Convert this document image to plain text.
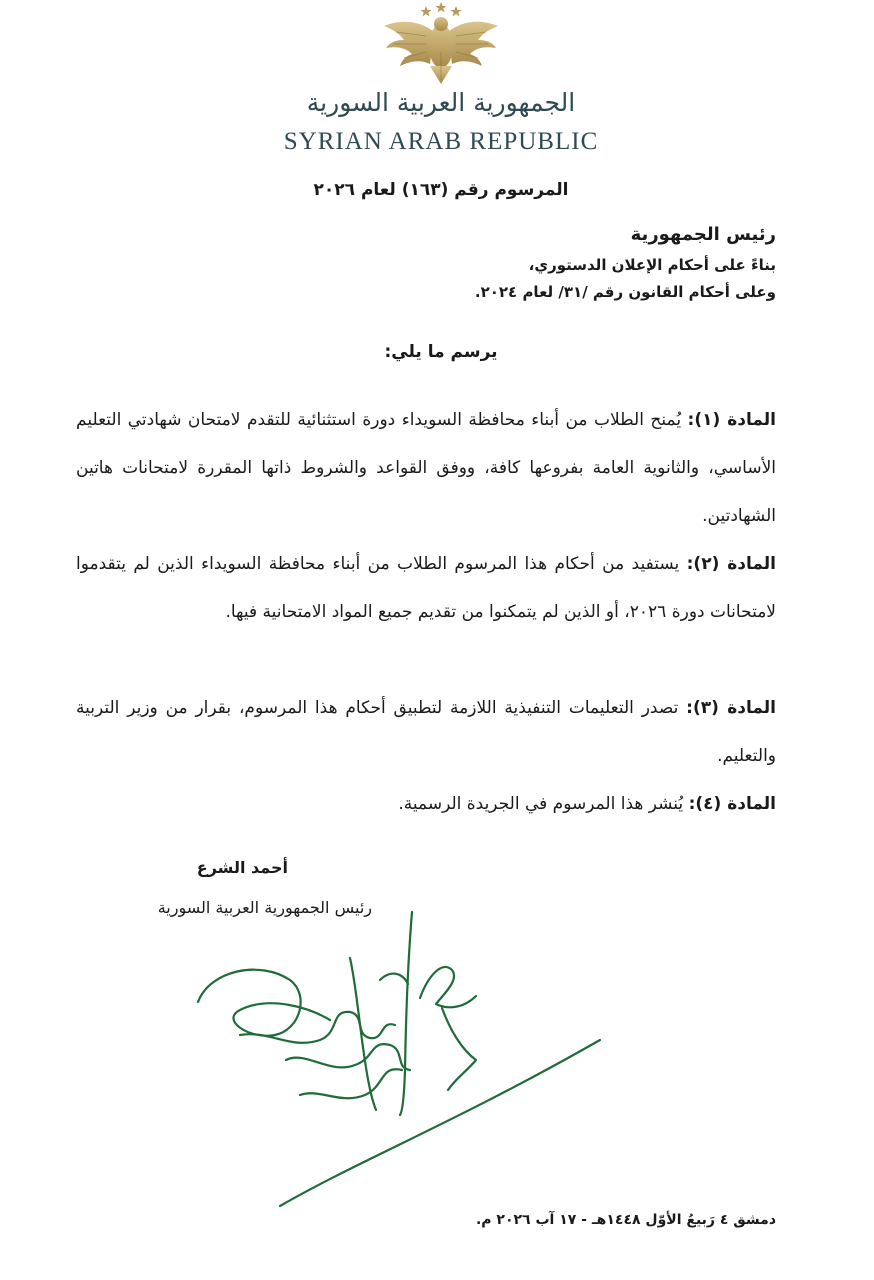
الجمهورية العربية السورية
SYRIAN ARAB REPUBLIC
المرسوم رقم (١٦٣) لعام ٢٠٢٦
رئيس الجمهورية
بناءً على أحكام الإعلان الدستوري،
وعلى أحكام القانون رقم /٣١/ لعام ٢٠٢٤.
يرسم ما يلي:
المادة (١): يُمنح الطلاب من أبناء محافظة السويداء دورة استثنائية للتقدم لامتحان شهادتي التعليم الأساسي، والثانوية العامة بفروعها كافة، ووفق القواعد والشروط ذاتها المقررة لامتحانات هاتين الشهادتين.
المادة (٢): يستفيد من أحكام هذا المرسوم الطلاب من أبناء محافظة السويداء الذين لم يتقدموا لامتحانات دورة ٢٠٢٦، أو الذين لم يتمكنوا من تقديم جميع المواد الامتحانية فيها.
المادة (٣): تصدر التعليمات التنفيذية اللازمة لتطبيق أحكام هذا المرسوم، بقرار من وزير التربية والتعليم.
المادة (٤): يُنشر هذا المرسوم في الجريدة الرسمية.
أحمد الشرع
رئيس الجمهورية العربية السورية
دمشق ٤ رَبيعُ الأوّل ١٤٤٨هـ - ١٧ آب ٢٠٢٦ م.
